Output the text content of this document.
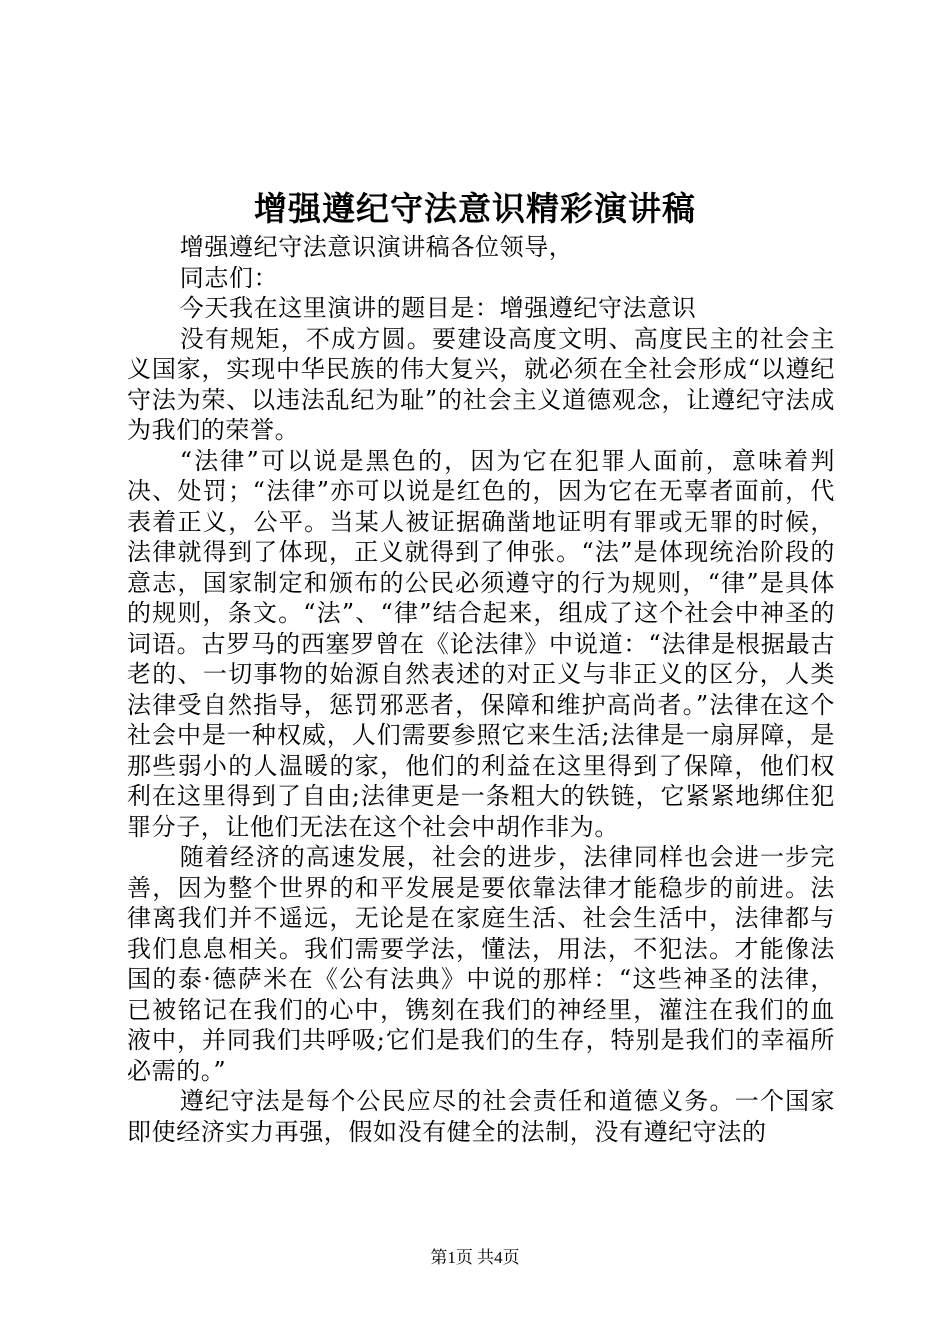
增强遵纪守法意识精彩演讲稿

增强遵纪守法意识演讲稿各位领导，

同志们：

今天我在这里演讲的题目是：增强遵纪守法意识

没有规矩，不成方圆。要建设高度文明、高度民主的社会主义国家，实现中华民族的伟大复兴，就必须在全社会形成“以遵纪守法为荣、以违法乱纪为耻”的社会主义道德观念，让遵纪守法成为我们的荣誉。

“法律”可以说是黑色的，因为它在犯罪人面前，意味着判决、处罚；“法律”亦可以说是红色的，因为它在无辜者面前，代表着正义，公平。当某人被证据确凿地证明有罪或无罪的时候，法律就得到了体现，正义就得到了伸张。“法”是体现统治阶段的意志，国家制定和颁布的公民必须遵守的行为规则，“律”是具体的规则，条文。“法”、“律”结合起来，组成了这个社会中神圣的词语。古罗马的西塞罗曾在《论法律》中说道：“法律是根据最古老的、一切事物的始源自然表述的对正义与非正义的区分，人类法律受自然指导，惩罚邪恶者，保障和维护高尚者。”法律在这个社会中是一种权威，人们需要参照它来生活;法律是一扇屏障，是那些弱小的人温暖的家，他们的利益在这里得到了保障，他们权利在这里得到了自由;法律更是一条粗大的铁链，它紧紧地绑住犯罪分子，让他们无法在这个社会中胡作非为。

随着经济的高速发展，社会的进步，法律同样也会进一步完善，因为整个世界的和平发展是要依靠法律才能稳步的前进。法律离我们并不遥远，无论是在家庭生活、社会生活中，法律都与我们息息相关。我们需要学法，懂法，用法，不犯法。才能像法国的泰·德萨米在《公有法典》中说的那样：“这些神圣的法律，已被铭记在我们的心中，镌刻在我们的神经里，灌注在我们的血液中，并同我们共呼吸;它们是我们的生存，特别是我们的幸福所必需的。”

遵纪守法是每个公民应尽的社会责任和道德义务。一个国家即使经济实力再强，假如没有健全的法制，没有遵纪守法的

第1页 共4页
